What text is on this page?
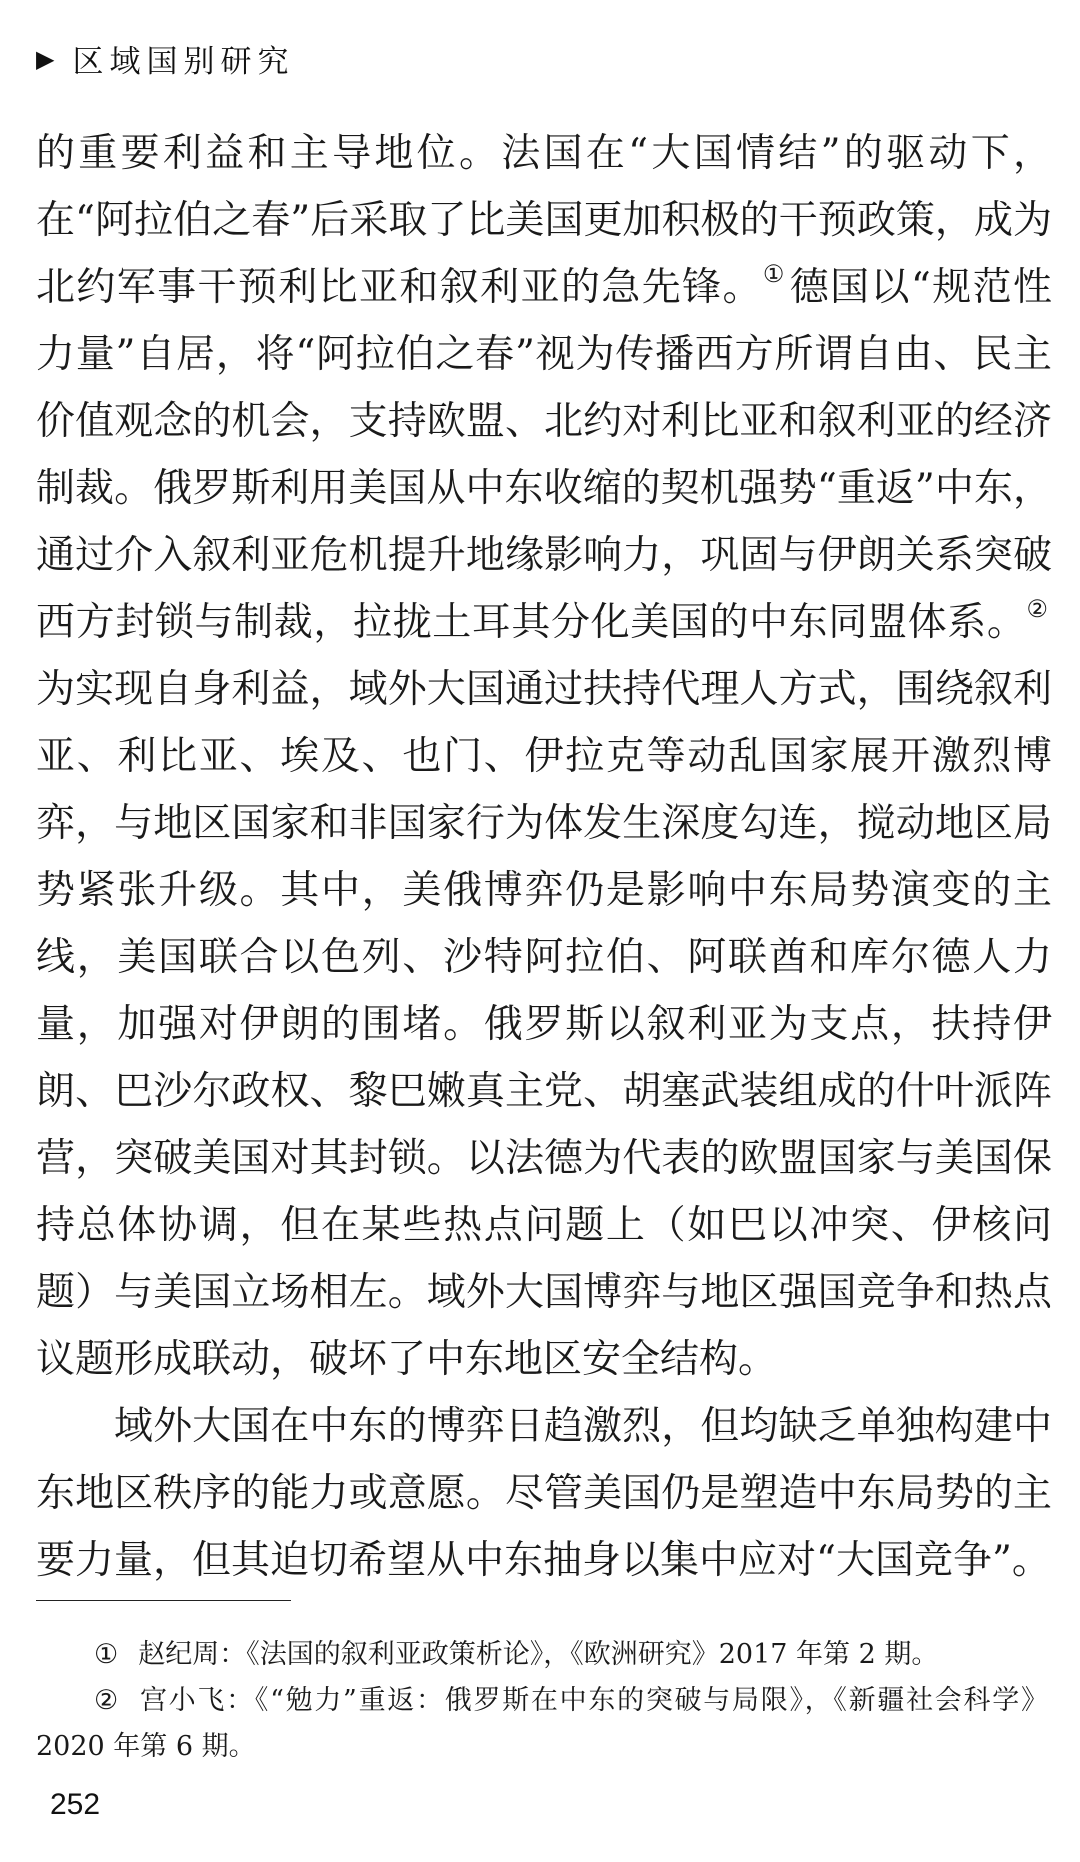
▶ 区域国别研究

的重要利益和主导地位。法国在“大国情结”的驱动下，在“阿拉伯之春”后采取了比美国更加积极的干预政策，成为北约军事干预利比亚和叙利亚的急先锋。① 德国以“规范性力量”自居，将“阿拉伯之春”视为传播西方所谓自由、民主价值观念的机会，支持欧盟、北约对利比亚和叙利亚的经济制裁。俄罗斯利用美国从中东收缩的契机强势“重返”中东，通过介入叙利亚危机提升地缘影响力，巩固与伊朗关系突破西方封锁与制裁，拉拢土耳其分化美国的中东同盟体系。②为实现自身利益，域外大国通过扶持代理人方式，围绕叙利亚、利比亚、埃及、也门、伊拉克等动乱国家展开激烈博弈，与地区国家和非国家行为体发生深度勾连，搅动地区局势紧张升级。其中，美俄博弈仍是影响中东局势演变的主线，美国联合以色列、沙特阿拉伯、阿联酋和库尔德人力量，加强对伊朗的围堵。俄罗斯以叙利亚为支点，扶持伊朗、巴沙尔政权、黎巴嫩真主党、胡塞武装组成的什叶派阵营，突破美国对其封锁。以法德为代表的欧盟国家与美国保持总体协调，但在某些热点问题上（如巴以冲突、伊核问题）与美国立场相左。域外大国博弈与地区强国竞争和热点议题形成联动，破坏了中东地区安全结构。

域外大国在中东的博弈日趋激烈，但均缺乏单独构建中东地区秩序的能力或意愿。尽管美国仍是塑造中东局势的主要力量，但其迫切希望从中东抽身以集中应对“大国竞争”。

① 赵纪周：《法国的叙利亚政策析论》，《欧洲研究》2017 年第 2 期。

② 宫小飞：《“勉力”重返：俄罗斯在中东的突破与局限》，《新疆社会科学》2020 年第 6 期。

252
